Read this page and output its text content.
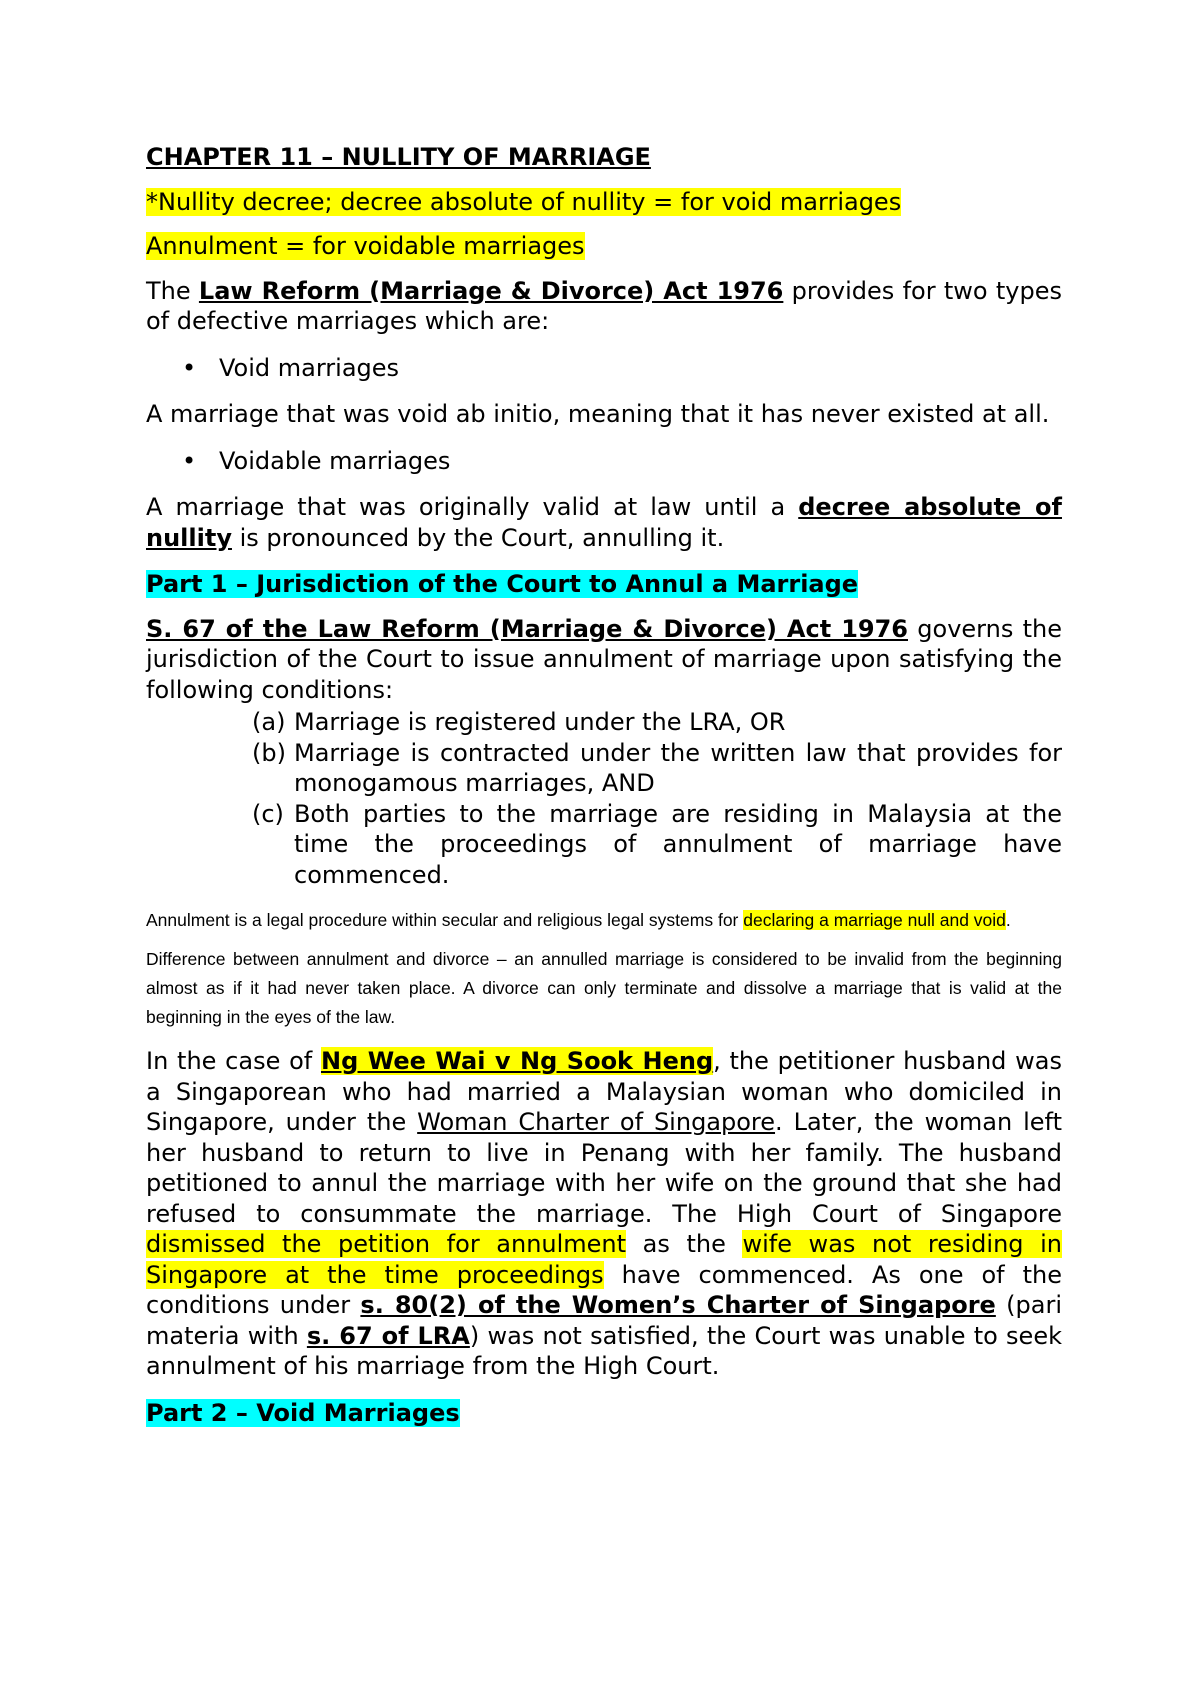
CHAPTER 11 – NULLITY OF MARRIAGE

*Nullity decree; decree absolute of nullity = for void marriages

Annulment = for voidable marriages

The Law Reform (Marriage & Divorce) Act 1976 provides for two types of defective marriages which are:

• Void marriages

A marriage that was void ab initio, meaning that it has never existed at all.

• Voidable marriages

A marriage that was originally valid at law until a decree absolute of nullity is pronounced by the Court, annulling it.

Part 1 – Jurisdiction of the Court to Annul a Marriage

S. 67 of the Law Reform (Marriage & Divorce) Act 1976 governs the jurisdiction of the Court to issue annulment of marriage upon satisfying the following conditions:

(a) Marriage is registered under the LRA, OR
(b) Marriage is contracted under the written law that provides for monogamous marriages, AND
(c) Both parties to the marriage are residing in Malaysia at the time the proceedings of annulment of marriage have commenced.

Annulment is a legal procedure within secular and religious legal systems for declaring a marriage null and void.

Difference between annulment and divorce – an annulled marriage is considered to be invalid from the beginning almost as if it had never taken place. A divorce can only terminate and dissolve a marriage that is valid at the beginning in the eyes of the law.

In the case of Ng Wee Wai v Ng Sook Heng, the petitioner husband was a Singaporean who had married a Malaysian woman who domiciled in Singapore, under the Woman Charter of Singapore. Later, the woman left her husband to return to live in Penang with her family. The husband petitioned to annul the marriage with her wife on the ground that she had refused to consummate the marriage. The High Court of Singapore dismissed the petition for annulment as the wife was not residing in Singapore at the time proceedings have commenced. As one of the conditions under s. 80(2) of the Women’s Charter of Singapore (pari materia with s. 67 of LRA) was not satisfied, the Court was unable to seek annulment of his marriage from the High Court.

Part 2 – Void Marriages
